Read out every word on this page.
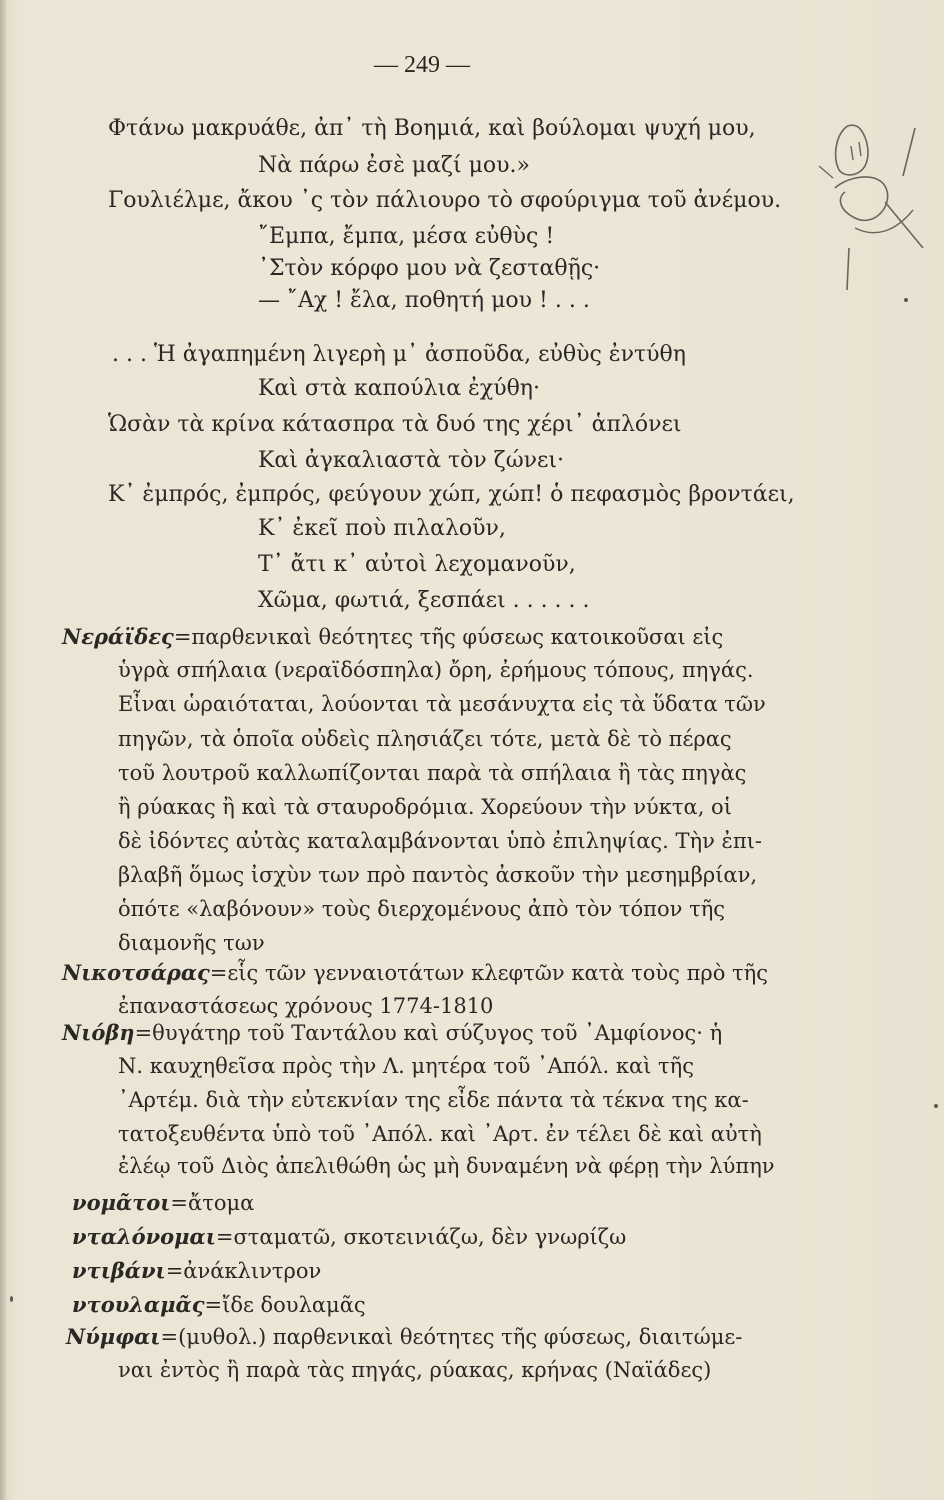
— 249 —
Φτάνω μακρυάθε, ἀπ᾽ τὴ Βοημιά, καὶ βούλομαι ψυχή μου,
Νὰ πάρω ἐσὲ μαζί μου.»
Γουλιέλμε, ἄκου ᾽ς τὸν πάλιουρο τὸ σφούριγμα τοῦ ἀνέμου.
῎Εμπα, ἔμπα, μέσα εὐθὺς !
᾽Στὸν κόρφο μου νὰ ζεσταθῇς·
— ῎Αχ ! ἔλα, ποθητή μου ! . . .
. . . Ἡ ἀγαπημένη λιγερὴ μ᾽ ἀσποῦδα, εὐθὺς ἐντύθη
Καὶ στὰ καπούλια ἐχύθη·
Ὡσὰν τὰ κρίνα κάτασπρα τὰ δυό της χέρι᾽ ἁπλόνει
Καὶ ἀγκαλιαστὰ τὸν ζώνει·
Κ᾽ ἐμπρός, ἐμπρός, φεύγουν χώπ, χώπ! ὁ πεφασμὸς βροντάει,
Κ᾽ ἐκεῖ ποὺ πιλαλοῦν,
Τ᾽ ἄτι κ᾽ αὐτοὶ λεχομανοῦν,
Χῶμα, φωτιά, ξεσπάει . . . . . .
Νεράϊδες=παρθενικαὶ θεότητες τῆς φύσεως κατοικοῦσαι εἰς
ὑγρὰ σπήλαια (νεραϊδόσπηλα) ὄρη, ἐρήμους τόπους, πηγάς.
Εἶναι ὡραιόταται, λούονται τὰ μεσάνυχτα εἰς τὰ ὕδατα τῶν
πηγῶν, τὰ ὁποῖα οὐδεὶς πλησιάζει τότε, μετὰ δὲ τὸ πέρας
τοῦ λουτροῦ καλλωπίζονται παρὰ τὰ σπήλαια ἢ τὰς πηγὰς
ἢ ρύακας ἢ καὶ τὰ σταυροδρόμια. Χορεύουν τὴν νύκτα, οἱ
δὲ ἰδόντες αὐτὰς καταλαμβάνονται ὑπὸ ἐπιληψίας. Τὴν ἐπι-
βλαβῆ ὅμως ἰσχὺν των πρὸ παντὸς ἀσκοῦν τὴν μεσημβρίαν,
ὁπότε «λαβόνουν» τοὺς διερχομένους ἀπὸ τὸν τόπον τῆς
διαμονῆς των
Νικοτσάρας=εἷς τῶν γενναιοτάτων κλεφτῶν κατὰ τοὺς πρὸ τῆς
ἐπαναστάσεως χρόνους 1774-1810
Νιόβη=θυγάτηρ τοῦ Ταντάλου καὶ σύζυγος τοῦ ᾽Αμφίονος· ἡ
Ν. καυχηθεῖσα πρὸς τὴν Λ. μητέρα τοῦ ᾽Απόλ. καὶ τῆς
᾽Αρτέμ. διὰ τὴν εὐτεκνίαν της εἶδε πάντα τὰ τέκνα της κα-
τατοξευθέντα ὑπὸ τοῦ ᾽Απόλ. καὶ ᾽Αρτ. ἐν τέλει δὲ καὶ αὐτὴ
ἐλέῳ τοῦ Διὸς ἀπελιθώθη ὡς μὴ δυναμένη νὰ φέρῃ τὴν λύπην
νομᾶτοι=ἄτομα
νταλόνομαι=σταματῶ, σκοτεινιάζω, δὲν γνωρίζω
ντιβάνι=ἀνάκλιντρον
ντουλαμᾶς=ἴδε δουλαμᾶς
Νύμφαι=(μυθολ.) παρθενικαὶ θεότητες τῆς φύσεως, διαιτώμε-
ναι ἐντὸς ἢ παρὰ τὰς πηγάς, ρύακας, κρήνας (Ναϊάδες)
